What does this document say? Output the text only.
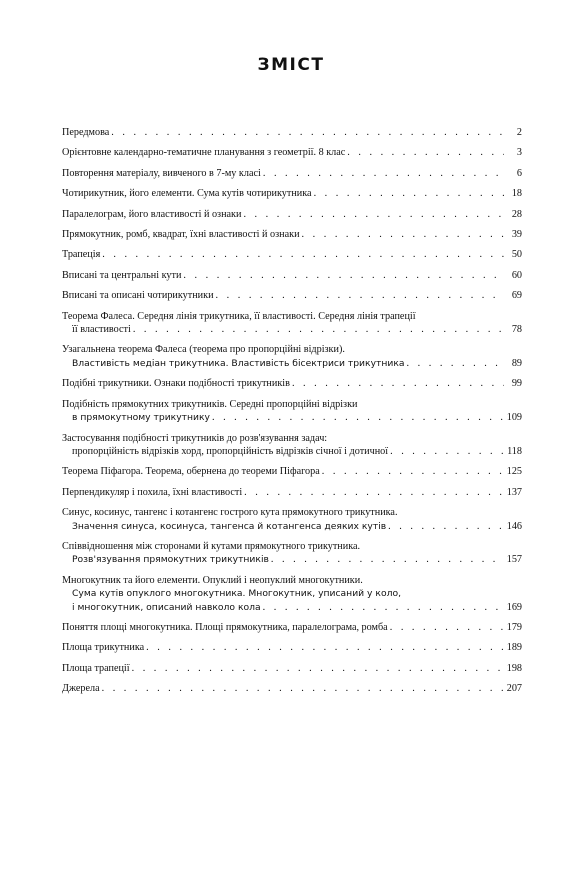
ЗМІСТ
Передмова . . .	2
Орієнтовне календарно-тематичне планування з геометрії. 8 клас . . .	3
Повторення матеріалу, вивченого в 7-му класі . . .	6
Чотирикутник, його елементи. Сума кутів чотирикутника . . .	18
Паралелограм, його властивості й ознаки . . .	28
Прямокутник, ромб, квадрат, їхні властивості й ознаки . . .	39
Трапеція . . .	50
Вписані та центральні кути . . .	60
Вписані та описані чотирикутники . . .	69
Теорема Фалеса. Середня лінія трикутника, її властивості. Середня лінія трапеції
її властивості . . .	78
Узагальнена теорема Фалеса (теорема про пропорційні відрізки).
Властивість медіан трикутника. Властивість бісектриси трикутника . . .	89
Подібні трикутники. Ознаки подібності трикутників . . .	99
Подібність прямокутних трикутників. Середні пропорційні відрізки
в прямокутному трикутнику . . .	109
Застосування подібності трикутників до розв'язування задач:
пропорційність відрізків хорд, пропорційність відрізків січної і дотичної . . .	118
Теорема Піфагора. Теорема, обернена до теореми Піфагора . . .	125
Перпендикуляр і похила, їхні властивості . . .	137
Синус, косинус, тангенс і котангенс гострого кута прямокутного трикутника.
Значення синуса, косинуса, тангенса й котангенса деяких кутів . . .	146
Співвідношення між сторонами й кутами прямокутного трикутника.
Розв'язування прямокутних трикутників . . .	157
Многокутник та його елементи. Опуклий і неопуклий многокутники.
Сума кутів опуклого многокутника. Многокутник, уписаний у коло,
і многокутник, описаний навколо кола . . .	169
Поняття площі многокутника. Площі прямокутника, паралелограма, ромба . . .	179
Площа трикутника . . .	189
Площа трапеції . . .	198
Джерела . . .	207
